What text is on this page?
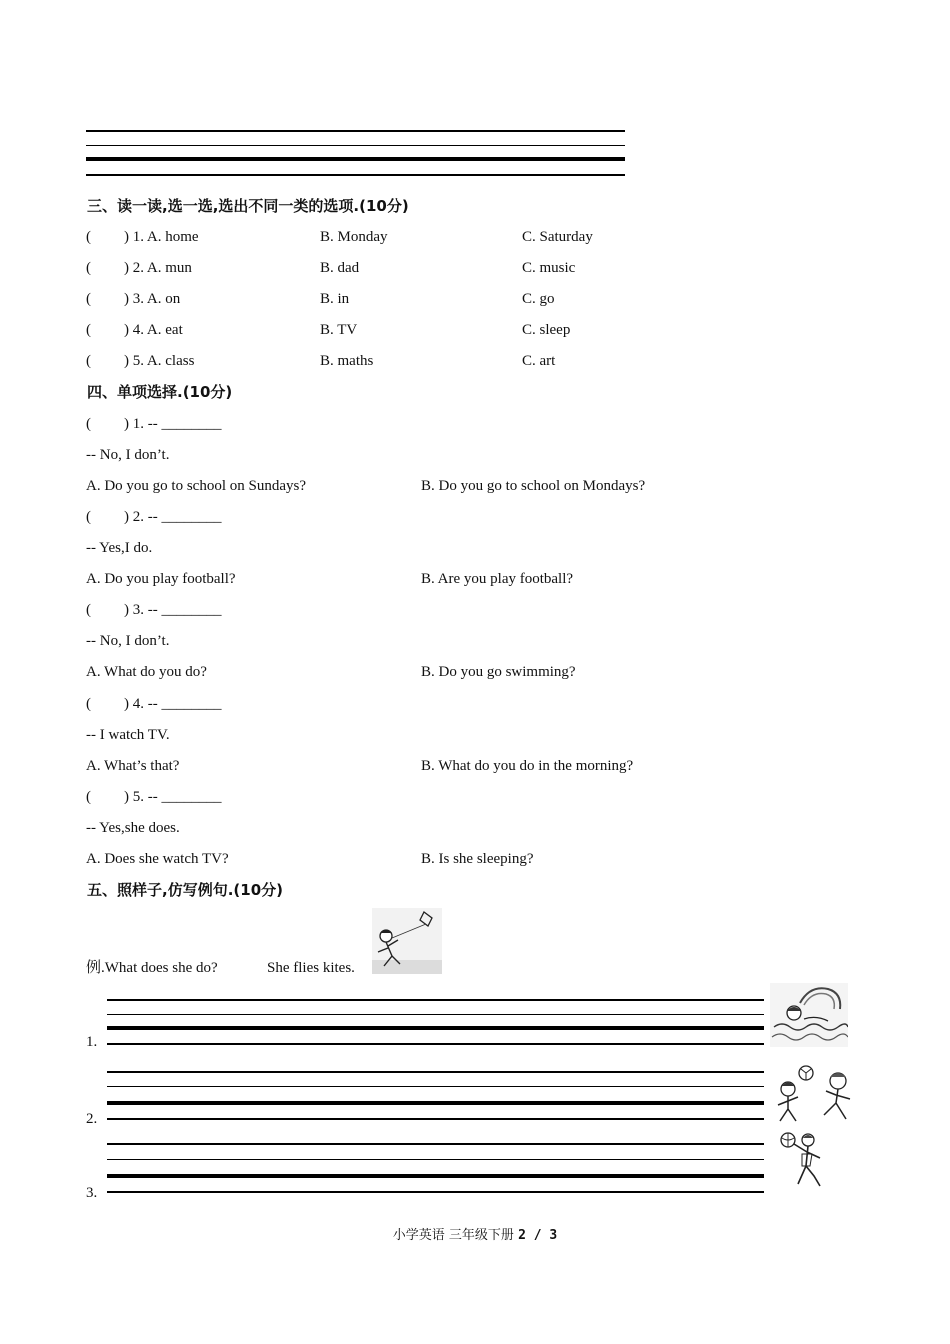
三、读一读,选一选,选出不同一类的选项.(10分)
( ) 1. A. home	B. Monday	C. Saturday
( ) 2. A. mun	B. dad	C. music
( ) 3. A. on	B. in	C. go
( ) 4. A. eat	B. TV	C. sleep
( ) 5. A. class	B. maths	C. art
四、单项选择.(10分)
( ) 1. -- ________
-- No, I don’t.
A. Do you go to school on Sundays?	B. Do you go to school on Mondays?
( ) 2. -- ________
-- Yes,I do.
A. Do you play football?	B. Are you play football?
( ) 3. -- ________
-- No, I don’t.
A. What do you do?	B. Do you go swimming?
( ) 4. -- ________
-- I watch TV.
A. What’s that?	B. What do you do in the morning?
( ) 5. -- ________
-- Yes,she does.
A. Does she watch TV?	B. Is she sleeping?
五、照样子,仿写例句.(10分)
例.What does she do?	She flies kites.
1.
2.
3.
小学英语 三年级下册 2 / 3
